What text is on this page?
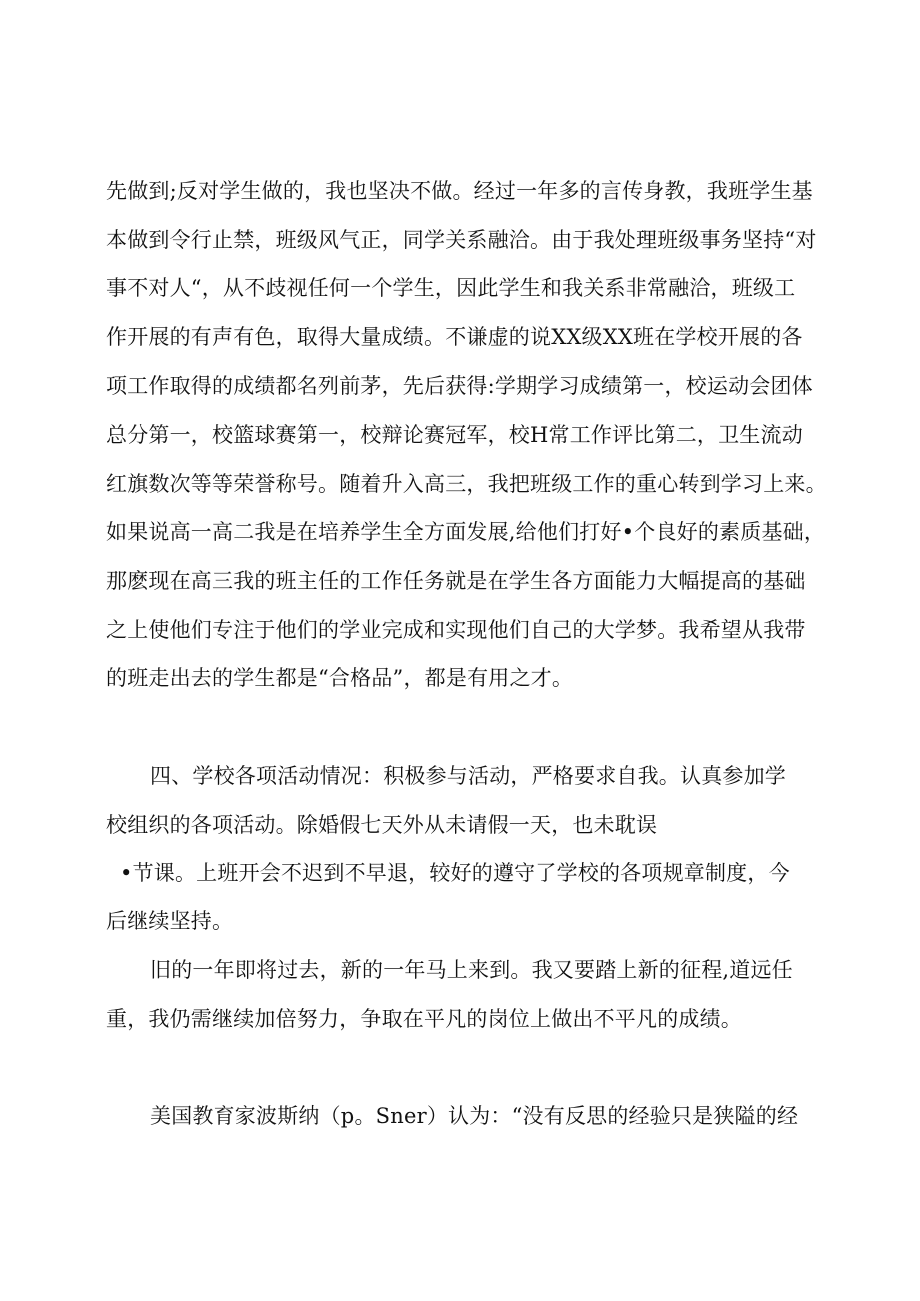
先做到;反对学生做的，我也坚决不做。经过一年多的言传身教，我班学生基
本做到令行止禁，班级风气正，同学关系融洽。由于我处理班级事务坚持“对
事不对人“，从不歧视任何一个学生，因此学生和我关系非常融洽，班级工
作开展的有声有色，取得大量成绩。不谦虚的说XX级XX班在学校开展的各
项工作取得的成绩都名列前茅，先后获得:学期学习成绩第一，校运动会团体
总分第一，校篮球赛第一，校辩论赛冠军，校H常工作评比第二，卫生流动
红旗数次等等荣誉称号。随着升入高三，我把班级工作的重心转到学习上来。
如果说高一高二我是在培养学生全方面发展,给他们打好•个良好的素质基础，
那麽现在高三我的班主任的工作任务就是在学生各方面能力大幅提高的基础
之上使他们专注于他们的学业完成和实现他们自己的大学梦。我希望从我带
的班走出去的学生都是“合格品”，都是有用之才。
四、学校各项活动情况：积极参与活动，严格要求自我。认真参加学
校组织的各项活动。除婚假七天外从未请假一天，也未耽误
•节课。上班开会不迟到不早退，较好的遵守了学校的各项规章制度，今
后继续坚持。
旧的一年即将过去，新的一年马上来到。我又要踏上新的征程,道远任
重，我仍需继续加倍努力，争取在平凡的岗位上做出不平凡的成绩。
美国教育家波斯纳（p。Sner）认为：“没有反思的经验只是狭隘的经
